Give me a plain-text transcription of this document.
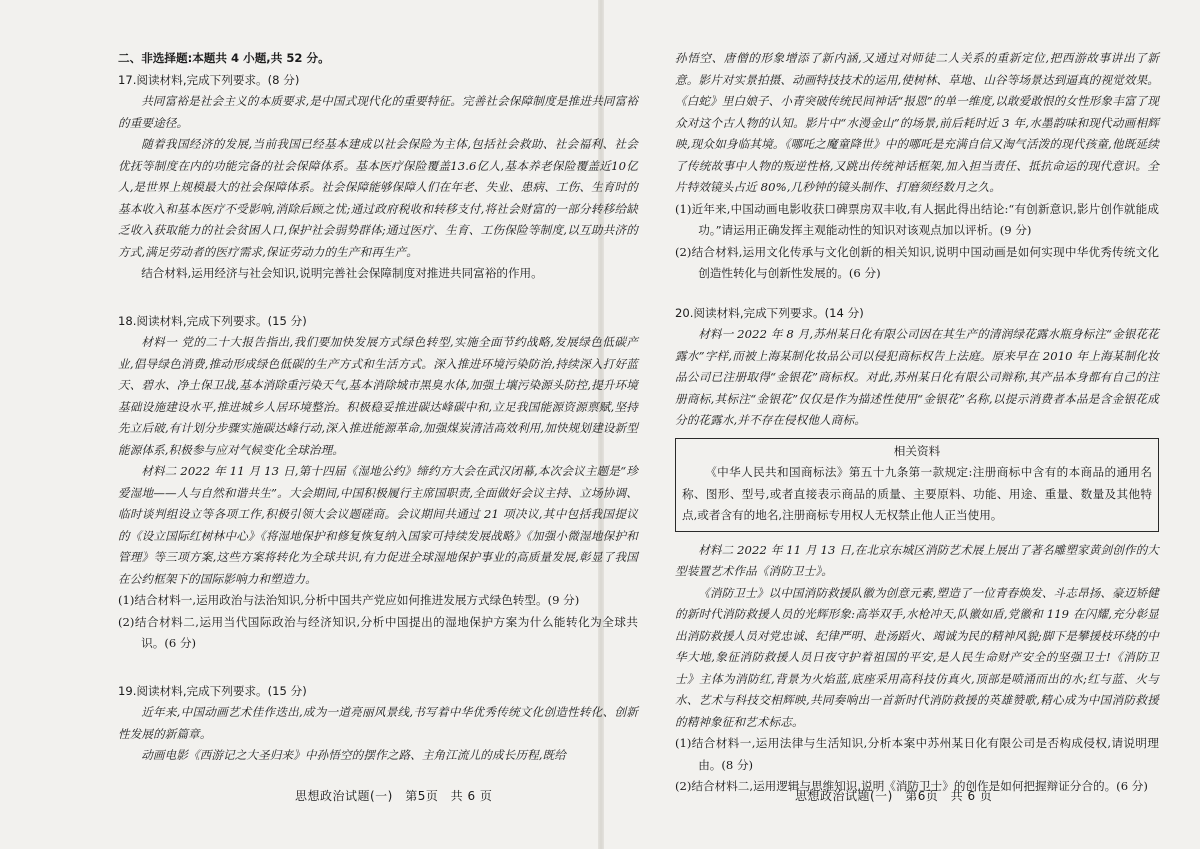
二、非选择题:本题共 4 小题,共 52 分。

17.阅读材料,完成下列要求。(8 分)

共同富裕是社会主义的本质要求,是中国式现代化的重要特征。完善社会保障制度是推进共同富裕的重要途径。

随着我国经济的发展,当前我国已经基本建成以社会保险为主体,包括社会救助、社会福利、社会优抚等制度在内的功能完备的社会保障体系。基本医疗保险覆盖13.6亿人,基本养老保险覆盖近10亿人,是世界上规模最大的社会保障体系。社会保障能够保障人们在年老、失业、患病、工伤、生育时的基本收入和基本医疗不受影响,消除后顾之忧;通过政府税收和转移支付,将社会财富的一部分转移给缺乏收入获取能力的社会贫困人口,保护社会弱势群体;通过医疗、生育、工伤保险等制度,以互助共济的方式,满足劳动者的医疗需求,保证劳动力的生产和再生产。

结合材料,运用经济与社会知识,说明完善社会保障制度对推进共同富裕的作用。

18.阅读材料,完成下列要求。(15 分)

材料一 党的二十大报告指出,我们要加快发展方式绿色转型,实施全面节约战略,发展绿色低碳产业,倡导绿色消费,推动形成绿色低碳的生产方式和生活方式。深入推进环境污染防治,持续深入打好蓝天、碧水、净土保卫战,基本消除重污染天气,基本消除城市黑臭水体,加强土壤污染源头防控,提升环境基础设施建设水平,推进城乡人居环境整治。积极稳妥推进碳达峰碳中和,立足我国能源资源禀赋,坚持先立后破,有计划分步骤实施碳达峰行动,深入推进能源革命,加强煤炭清洁高效利用,加快规划建设新型能源体系,积极参与应对气候变化全球治理。

材料二 2022 年 11 月 13 日,第十四届《湿地公约》缔约方大会在武汉闭幕,本次会议主题是“珍爱湿地——人与自然和谐共生”。大会期间,中国积极履行主席国职责,全面做好会议主持、立场协调、临时谈判组设立等各项工作,积极引领大会议题磋商。会议期间共通过 21 项决议,其中包括我国提议的《设立国际红树林中心》《将湿地保护和修复恢复纳入国家可持续发展战略》《加强小微湿地保护和管理》等三项方案,这些方案将转化为全球共识,有力促进全球湿地保护事业的高质量发展,彰显了我国在公约框架下的国际影响力和塑造力。

(1)结合材料一,运用政治与法治知识,分析中国共产党应如何推进发展方式绿色转型。(9 分)

(2)结合材料二,运用当代国际政治与经济知识,分析中国提出的湿地保护方案为什么能转化为全球共识。(6 分)

19.阅读材料,完成下列要求。(15 分)

近年来,中国动画艺术佳作迭出,成为一道亮丽风景线,书写着中华优秀传统文化创造性转化、创新性发展的新篇章。

动画电影《西游记之大圣归来》中孙悟空的摆作之路、主角江流儿的成长历程,既给

思想政治试题(一) 第5页 共 6 页

孙悟空、唐僧的形象增添了新内涵,又通过对师徒二人关系的重新定位,把西游故事讲出了新意。影片对实景拍摄、动画特技技术的运用,使树林、草地、山谷等场景达到逼真的视觉效果。《白蛇》里白娘子、小青突破传统民间神话“报恩”的单一维度,以敢爱敢恨的女性形象丰富了现众对这个古人物的认知。影片中“水漫金山”的场景,前后耗时近 3 年,水墨韵味和现代动画相辉映,现众如身临其境。《哪吒之魔童降世》中的哪吒是充满自信又淘气活泼的现代孩童,他既延续了传统故事中人物的叛逆性格,又跳出传统神话框架,加入担当责任、抵抗命运的现代意识。全片特效镜头占近 80%,几秒钟的镜头制作、打磨须经数月之久。

(1)近年来,中国动画电影收获口碑票房双丰收,有人据此得出结论:“有创新意识,影片创作就能成功。”请运用正确发挥主观能动性的知识对该观点加以评析。(9 分)

(2)结合材料,运用文化传承与文化创新的相关知识,说明中国动画是如何实现中华优秀传统文化创造性转化与创新性发展的。(6 分)

20.阅读材料,完成下列要求。(14 分)

材料一 2022 年 8 月,苏州某日化有限公司因在其生产的清润绿花露水瓶身标注“金银花花露水”字样,而被上海某制化妆品公司以侵犯商标权告上法庭。原来早在 2010 年上海某制化妆品公司已注册取得“金银花”商标权。对此,苏州某日化有限公司辩称,其产品本身都有自己的注册商标,其标注“金银花”仅仅是作为描述性使用“金银花”名称,以提示消费者本品是含金银花成分的花露水,并不存在侵权他人商标。

相关资料

《中华人民共和国商标法》第五十九条第一款规定:注册商标中含有的本商品的通用名称、图形、型号,或者直接表示商品的质量、主要原料、功能、用途、重量、数量及其他特点,或者含有的地名,注册商标专用权人无权禁止他人正当使用。

材料二 2022 年 11 月 13 日,在北京东城区消防艺术展上展出了著名雕塑家黄剑创作的大型装置艺术作品《消防卫士》。

《消防卫士》以中国消防救援队徽为创意元素,塑造了一位青春焕发、斗志昂扬、豪迈矫健的新时代消防救援人员的光辉形象:高举双手,水枪冲天,队徽如盾,党徽和 119 在闪耀,充分彰显出消防救援人员对党忠诚、纪律严明、赴汤蹈火、竭诚为民的精神风貌;脚下是攀援枝环绕的中华大地,象征消防救援人员日夜守护着祖国的平安,是人民生命财产安全的坚强卫士!《消防卫士》主体为消防红,背景为火焰蓝,底座采用高科技仿真火,顶部是喷涌而出的水;红与蓝、火与水、艺术与科技交相辉映,共同奏响出一首新时代消防救援的英雄赞歌,精心成为中国消防救援的精神象征和艺术标志。

(1)结合材料一,运用法律与生活知识,分析本案中苏州某日化有限公司是否构成侵权,请说明理由。(8 分)

(2)结合材料二,运用逻辑与思维知识,说明《消防卫士》的创作是如何把握辩证分合的。(6 分)

思想政治试题(一) 第6页 共 6 页
